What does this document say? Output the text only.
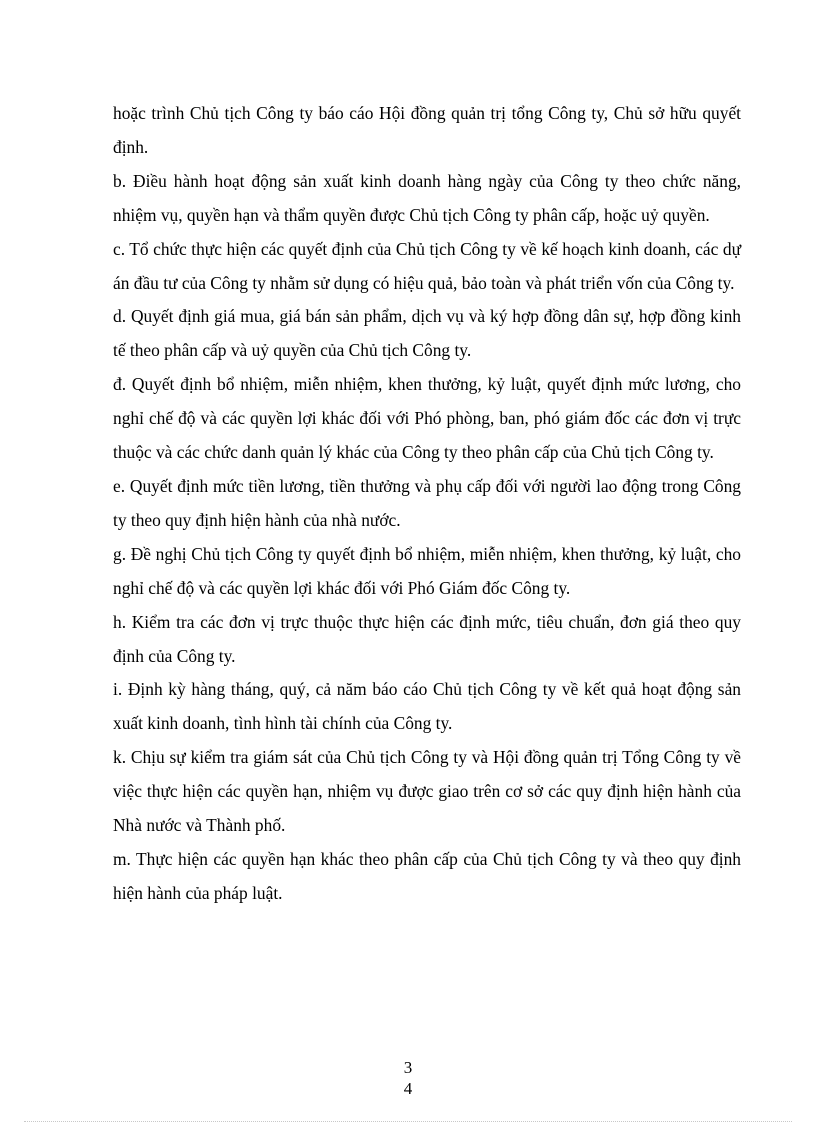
hoặc trình Chủ tịch Công ty báo cáo Hội đồng quản trị tổng Công ty, Chủ sở hữu quyết định.

b. Điều hành hoạt động sản xuất kinh doanh hàng ngày của Công ty theo chức năng, nhiệm vụ, quyền hạn và thẩm quyền được Chủ tịch Công ty phân cấp, hoặc uỷ quyền.

c. Tổ chức thực hiện các quyết định của Chủ tịch Công ty về kế hoạch kinh doanh, các dự án đầu tư của Công ty nhằm sử dụng có hiệu quả, bảo toàn và phát triển vốn của Công ty.

d. Quyết định giá mua, giá bán sản phẩm, dịch vụ và ký hợp đồng dân sự, hợp đồng kinh tế theo phân cấp và uỷ quyền của Chủ tịch Công ty.

đ. Quyết định bổ nhiệm, miễn nhiệm, khen thưởng, kỷ luật, quyết định mức lương, cho nghỉ chế độ và các quyền lợi khác đối với Phó phòng, ban, phó giám đốc các đơn vị trực thuộc và các chức danh quản lý khác của Công ty theo phân cấp của Chủ tịch Công ty.

e. Quyết định mức tiền lương, tiền thưởng và phụ cấp đối với người lao động trong Công ty theo quy định hiện hành của nhà nước.

g. Đề nghị Chủ tịch Công ty quyết định bổ nhiệm, miễn nhiệm, khen thưởng, kỷ luật, cho nghỉ chế độ và các quyền lợi khác đối với Phó Giám đốc Công ty.

h. Kiểm tra các đơn vị trực thuộc thực hiện các định mức, tiêu chuẩn, đơn giá theo quy định của Công ty.

i. Định kỳ hàng tháng, quý, cả năm báo cáo Chủ tịch Công ty về kết quả hoạt động sản xuất kinh doanh, tình hình tài chính của Công ty.

k. Chịu sự kiểm tra giám sát của Chủ tịch Công ty và Hội đồng quản trị Tổng Công ty về việc thực hiện các quyền hạn, nhiệm vụ được giao trên cơ sở các quy định hiện hành của Nhà nước và Thành phố.

m. Thực hiện các quyền hạn khác theo phân cấp của Chủ tịch Công ty và theo quy định hiện hành của pháp luật.

3
4
